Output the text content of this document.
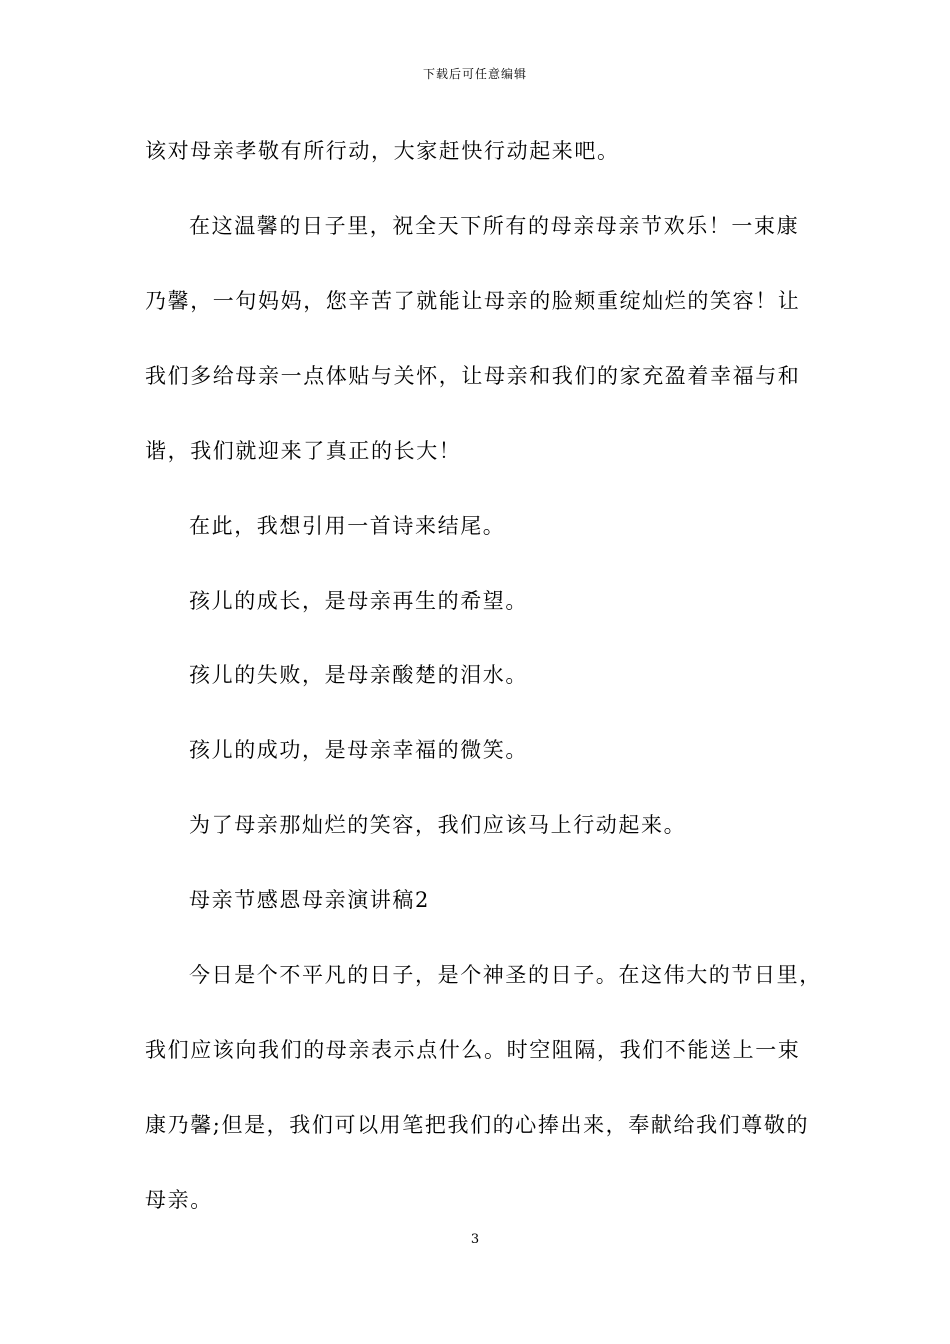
下载后可任意编辑
该对母亲孝敬有所行动，大家赶快行动起来吧。
在这温馨的日子里，祝全天下所有的母亲母亲节欢乐！一束康
乃馨，一句妈妈，您辛苦了就能让母亲的脸颊重绽灿烂的笑容！让
我们多给母亲一点体贴与关怀，让母亲和我们的家充盈着幸福与和
谐，我们就迎来了真正的长大！
在此，我想引用一首诗来结尾。
孩儿的成长，是母亲再生的希望。
孩儿的失败，是母亲酸楚的泪水。
孩儿的成功，是母亲幸福的微笑。
为了母亲那灿烂的笑容，我们应该马上行动起来。
母亲节感恩母亲演讲稿2
今日是个不平凡的日子，是个神圣的日子。在这伟大的节日里，
我们应该向我们的母亲表示点什么。时空阻隔，我们不能送上一束
康乃馨;但是，我们可以用笔把我们的心捧出来，奉献给我们尊敬的
母亲。
3
